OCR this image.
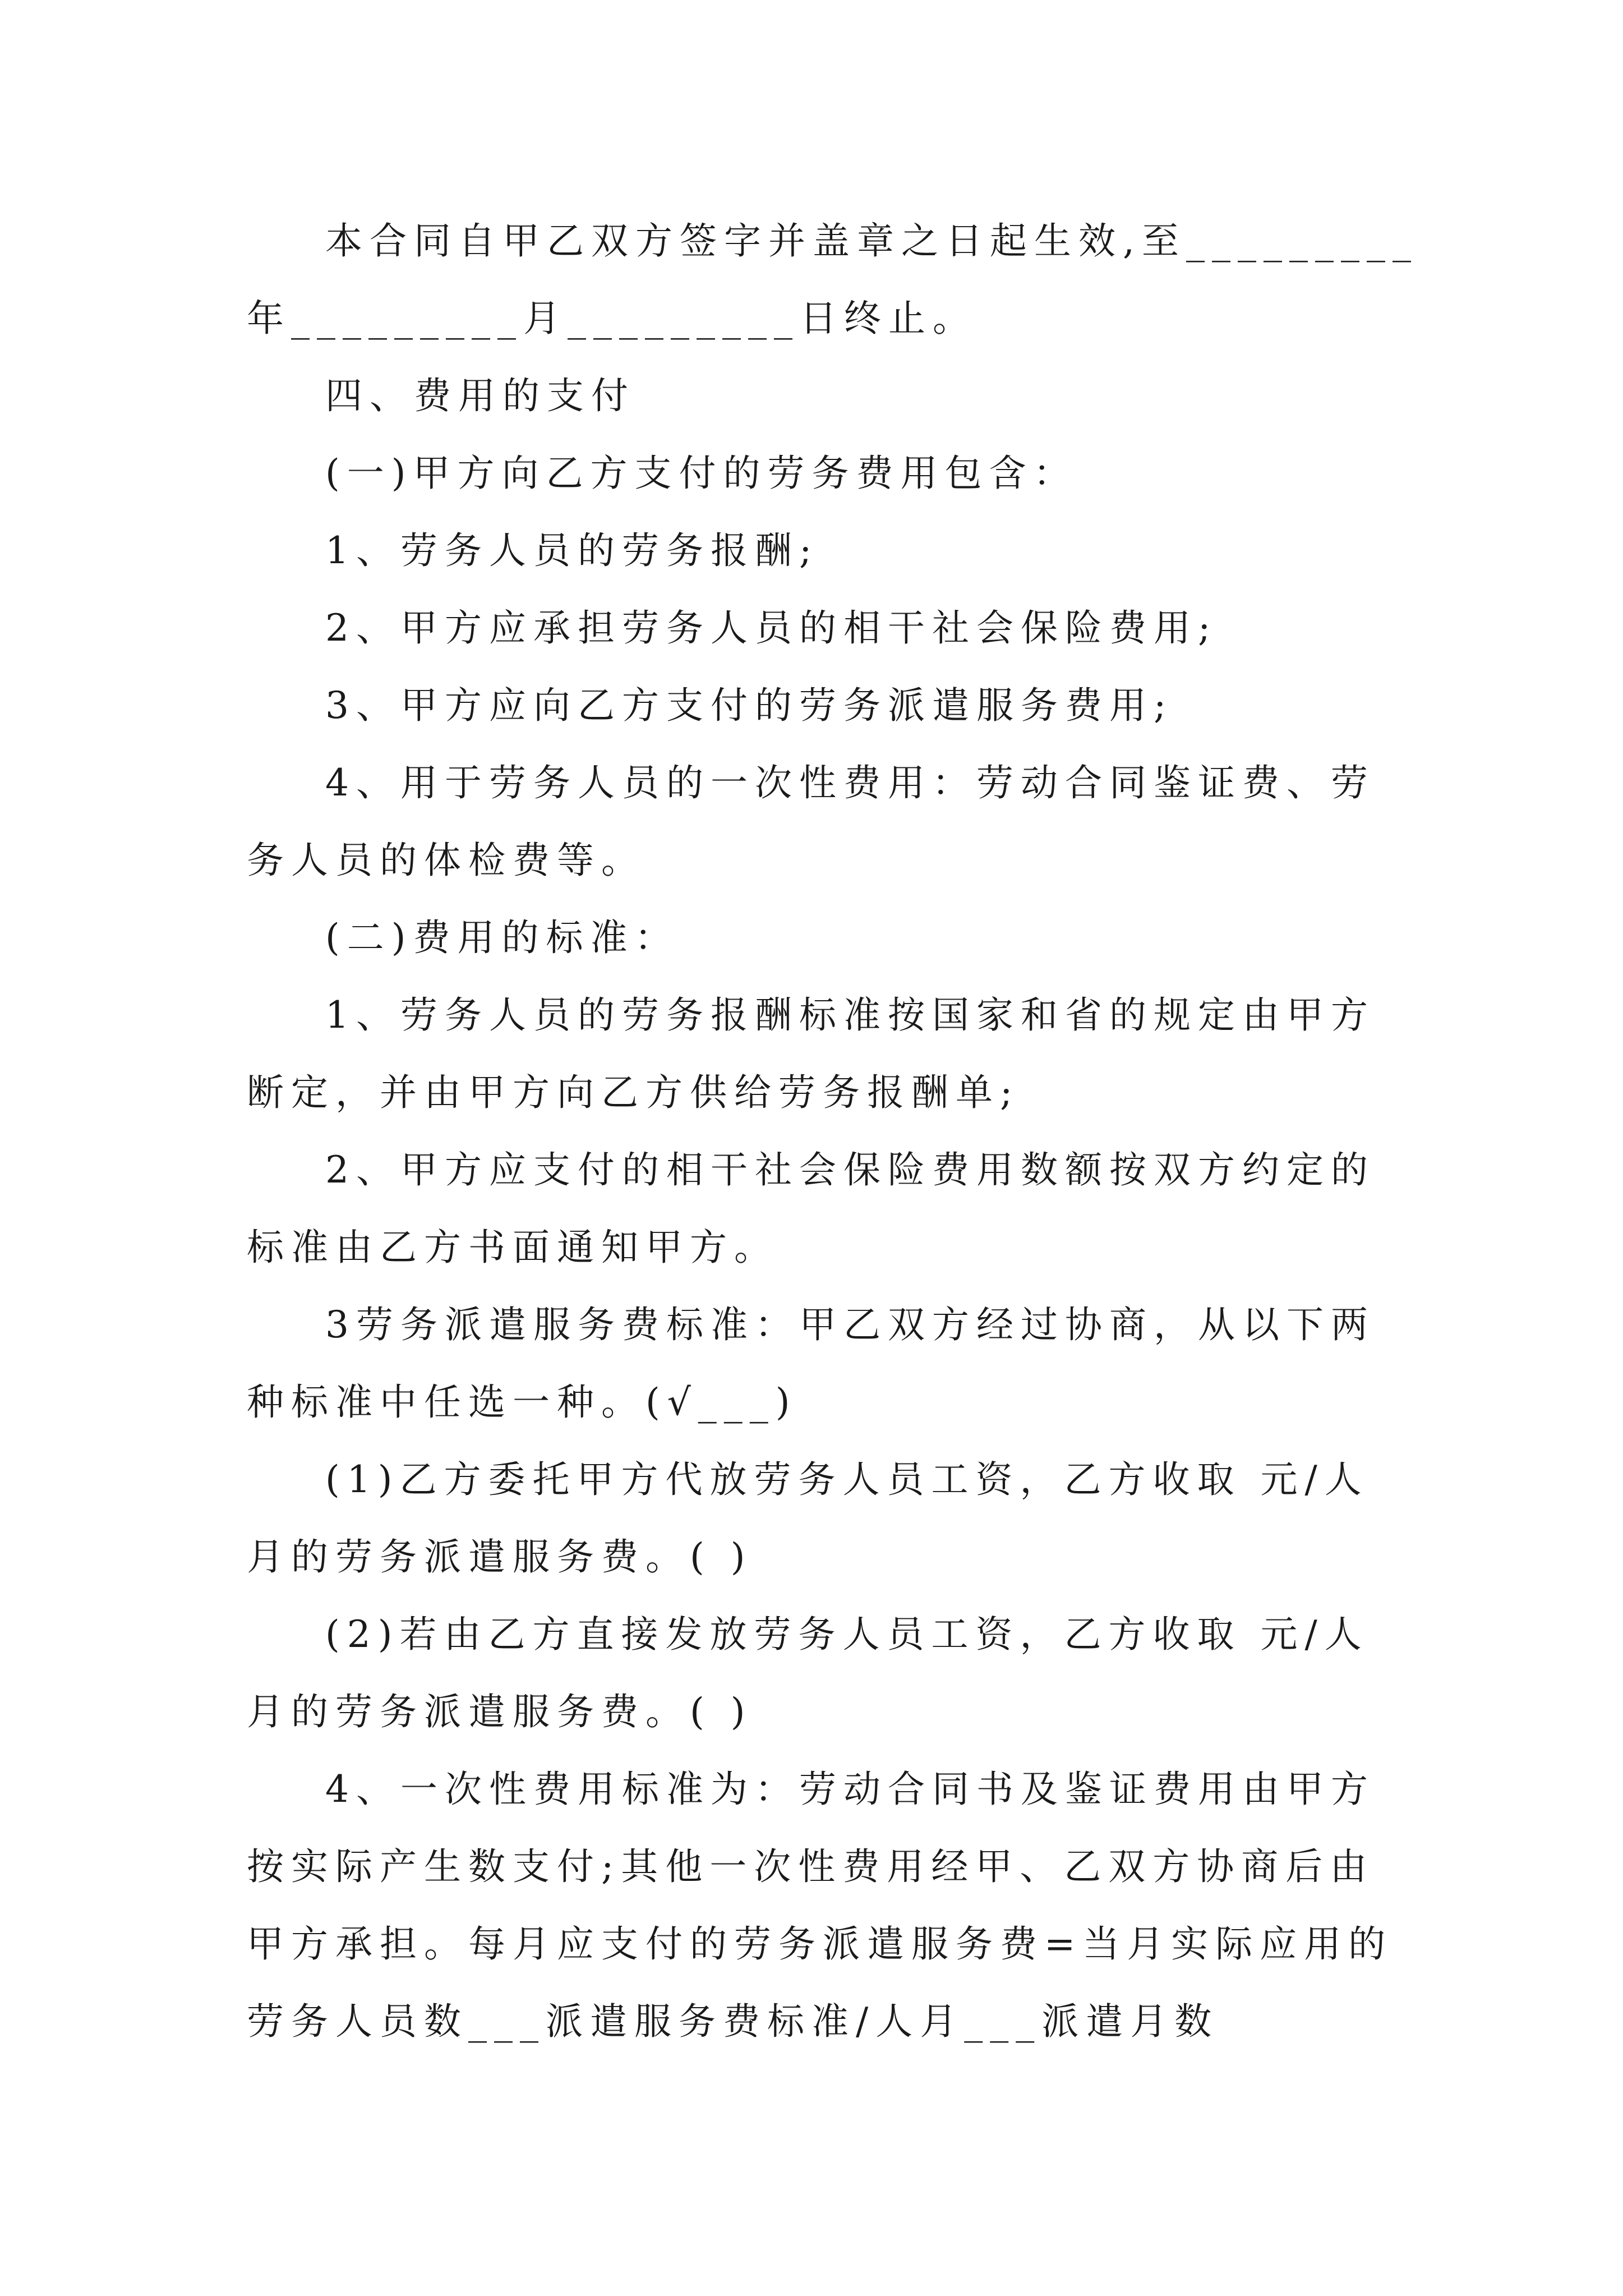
本合同自甲乙双方签字并盖章之日起生效,至_________

年_________月_________日终止。

四、费用的支付

(一)甲方向乙方支付的劳务费用包含：

1、劳务人员的劳务报酬;

2、甲方应承担劳务人员的相干社会保险费用;

3、甲方应向乙方支付的劳务派遣服务费用;

4、用于劳务人员的一次性费用：劳动合同鉴证费、劳

务人员的体检费等。

(二)费用的标准：

1、劳务人员的劳务报酬标准按国家和省的规定由甲方

断定，并由甲方向乙方供给劳务报酬单;

2、甲方应支付的相干社会保险费用数额按双方约定的

标准由乙方书面通知甲方。

3劳务派遣服务费标准：甲乙双方经过协商，从以下两

种标准中任选一种。(√___)

(1)乙方委托甲方代放劳务人员工资，乙方收取 元/人

月的劳务派遣服务费。( )

(2)若由乙方直接发放劳务人员工资，乙方收取 元/人

月的劳务派遣服务费。( )

4、一次性费用标准为：劳动合同书及鉴证费用由甲方

按实际产生数支付;其他一次性费用经甲、乙双方协商后由

甲方承担。每月应支付的劳务派遣服务费=当月实际应用的

劳务人员数___派遣服务费标准/人月___派遣月数
